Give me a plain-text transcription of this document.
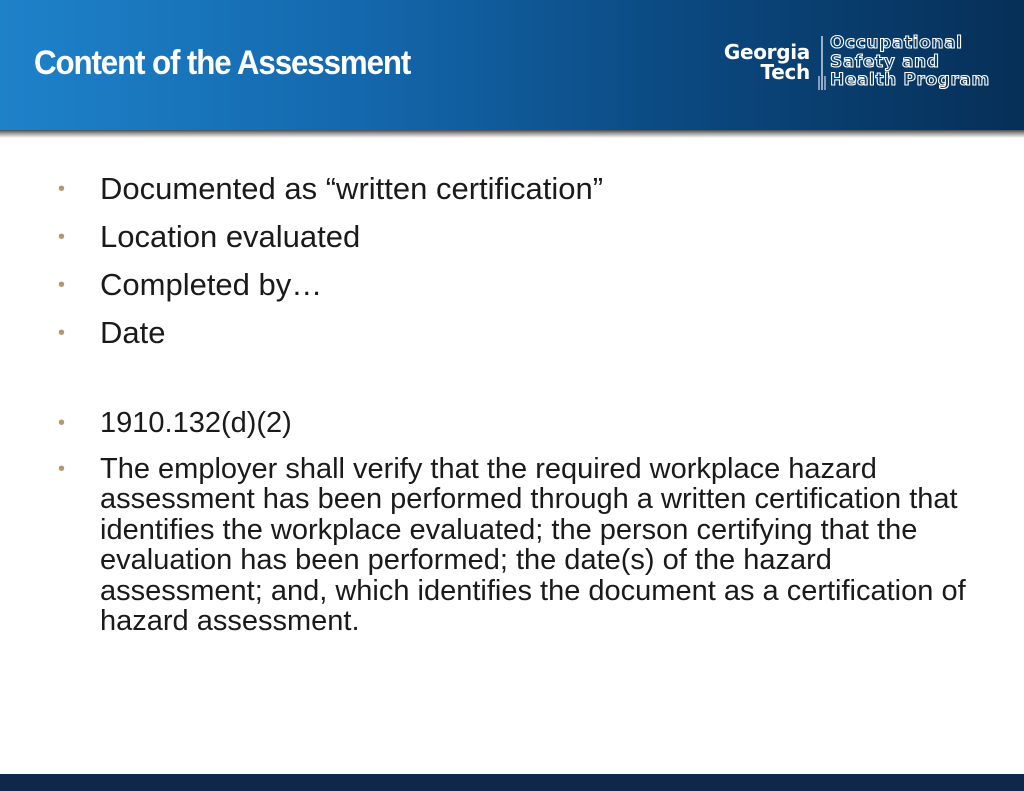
Content of the Assessment	Georgia
Tech
Occupational
Safety and
Health Program
• Documented as “written certification”
• Location evaluated
• Completed by…
• Date
• 1910.132(d)(2)
• The employer shall verify that the required workplace hazard assessment has been performed through a written certification that identifies the workplace evaluated; the person certifying that the evaluation has been performed; the date(s) of the hazard assessment; and, which identifies the document as a certification of hazard assessment.
